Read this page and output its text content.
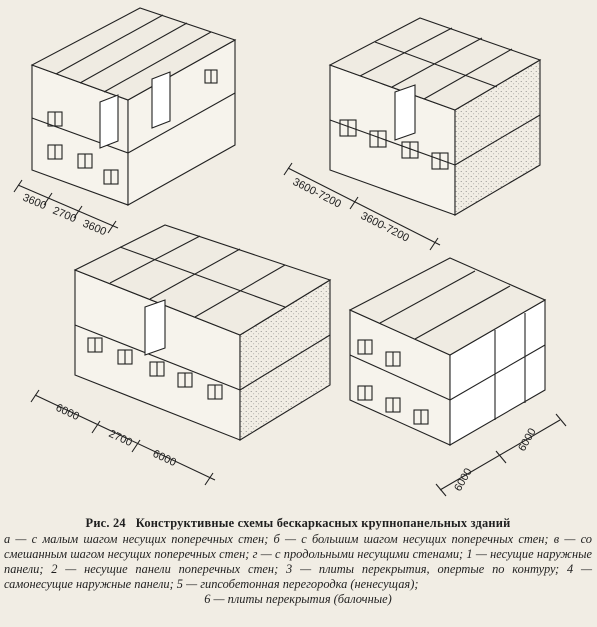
3600
2700
3600
3600-7200
3600-7200
6000
2700
6000
6000
6000
Рис. 24 Конструктивные схемы бескаркасных крупнопанельных зданий
а — с малым шагом несущих поперечных стен; б — с большим шагом несущих поперечных стен; в — со смешанным шагом несущих поперечных стен; г — с продольными несущими стенами; 1 — несущие наружные панели; 2 — несущие панели поперечных стен; 3 — плиты перекрытия, опертые по контуру; 4 — самонесущие наружные панели; 5 — гипсобетонная перегородка (ненесущая);
6 — плиты перекрытия (балочные)
